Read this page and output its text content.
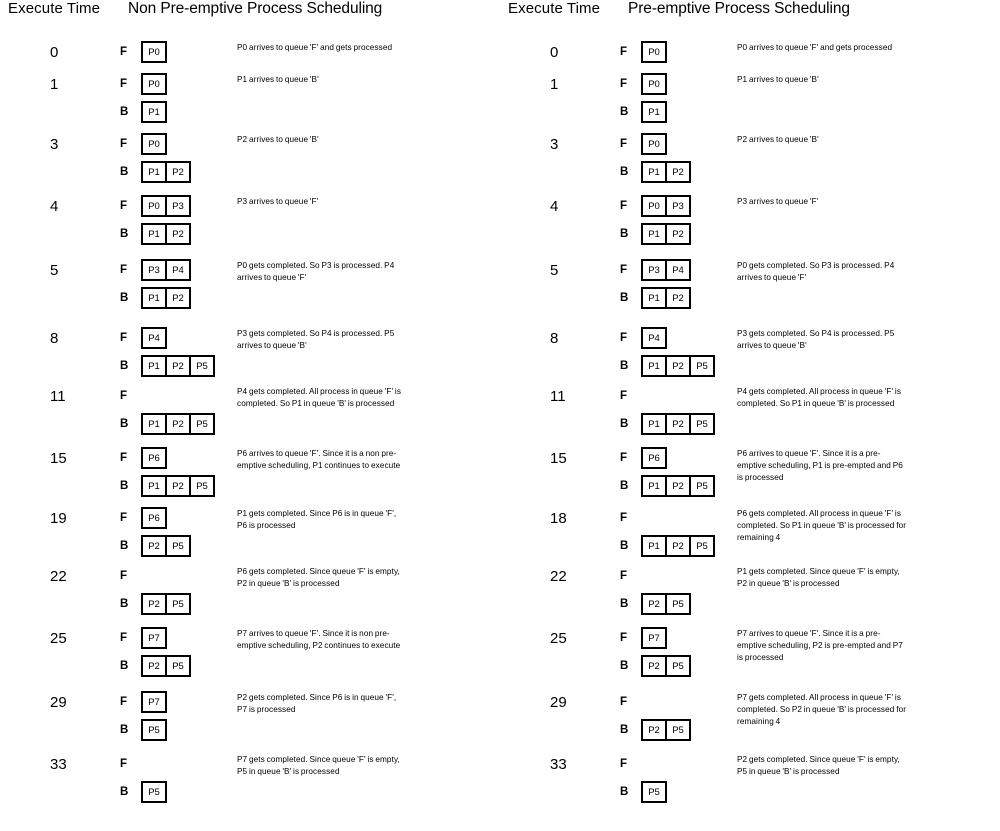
Execute Time	Non Pre-emptive Process Scheduling
0	F	P0	P0 arrives to queue 'F' and gets processed
1	F	P0
B	P1
P1 arrives to queue 'B'
3	F	P0
B	P1	P2
P2 arrives to queue 'B'
4	F	P0	P3
B	P1	P2
P3 arrives to queue 'F'
5	F	P3	P4
B	P1	P2
P0 gets completed. So P3 is processed. P4 arrives to queue 'F'
8	F	P4
B	P1	P2	P5
P3 gets completed. So P4 is processed. P5 arrives to queue 'B'
11	F
B	P1	P2	P5
P4 gets completed. All process in queue 'F' is completed. So P1 in queue 'B' is processed
15	F	P6
B	P1	P2	P5
P6 arrives to queue 'F'. Since it is a non pre-emptive scheduling, P1 continues to execute
19	F	P6
B	P2	P5
P1 gets completed. Since P6 is in queue 'F', P6 is processed
22	F
B	P2	P5
P6 gets completed. Since queue 'F' is empty, P2 in queue 'B' is processed
25	F	P7
B	P2	P5
P7 arrives to queue 'F'. Since it is non pre-emptive scheduling, P2 continues to execute
29	F	P7
B	P5
P2 gets completed. Since P6 is in queue 'F', P7 is processed
33	F
B	P5
P7 gets completed. Since queue 'F' is empty, P5 in queue 'B' is processed
Execute Time	Pre-emptive Process Scheduling
0	F	P0	P0 arrives to queue 'F' and gets processed
1	F	P0
B	P1
P1 arrives to queue 'B'
3	F	P0
B	P1	P2
P2 arrives to queue 'B'
4	F	P0	P3
B	P1	P2
P3 arrives to queue 'F'
5	F	P3	P4
B	P1	P2
P0 gets completed. So P3 is processed. P4 arrives to queue 'F'
8	F	P4
B	P1	P2	P5
P3 gets completed. So P4 is processed. P5 arrives to queue 'B'
11	F
B	P1	P2	P5
P4 gets completed. All process in queue 'F' is completed. So P1 in queue 'B' is processed
15	F	P6
B	P1	P2	P5
P6 arrives to queue 'F'. Since it is a pre-emptive scheduling, P1 is pre-empted and P6 is processed
18	F
B	P1	P2	P5
P6 gets completed. All process in queue 'F' is completed. So P1 in queue 'B' is processed for remaining 4
22	F
B	P2	P5
P1 gets completed. Since queue 'F' is empty, P2 in queue 'B' is processed
25	F	P7
B	P2	P5
P7 arrives to queue 'F'. Since it is a pre-emptive scheduling, P2 is pre-empted and P7 is processed
29	F
B	P2	P5
P7 gets completed. All process in queue 'F' is completed. So P2 in queue 'B' is processed for remaining 4
33	F
B	P5
P2 gets completed. Since queue 'F' is empty, P5 in queue 'B' is processed
